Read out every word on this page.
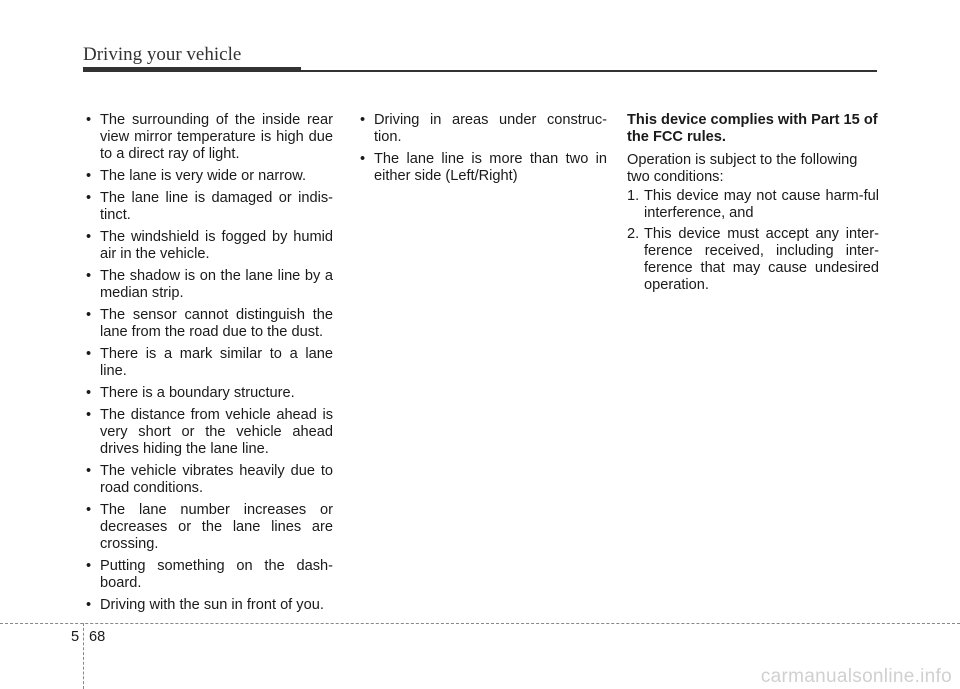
Driving your vehicle
• The surrounding of the inside rear view mirror temperature is high due to a direct ray of light.
• The lane is very wide or narrow.
• The lane line is damaged or indis-tinct.
• The windshield is fogged by humid air in the vehicle.
• The shadow is on the lane line by a median strip.
• The sensor cannot distinguish the lane from the road due to the dust.
• There is a mark similar to a lane line.
• There is a boundary structure.
• The distance from vehicle ahead is very short or the vehicle ahead drives hiding the lane line.
• The vehicle vibrates heavily due to road conditions.
• The lane number increases or decreases or the lane lines are crossing.
• Putting something on the dash-board.
• Driving with the sun in front of you.
• Driving in areas under construc-tion.
• The lane line is more than two in either side (Left/Right)

This device complies with Part 15 of the FCC rules.

Operation is subject to the following two conditions:

1. This device may not cause harm-ful interference, and
2. This device must accept any inter-ference received, including inter-ference that may cause undesired operation.
5 68
carmanualsonline.info
